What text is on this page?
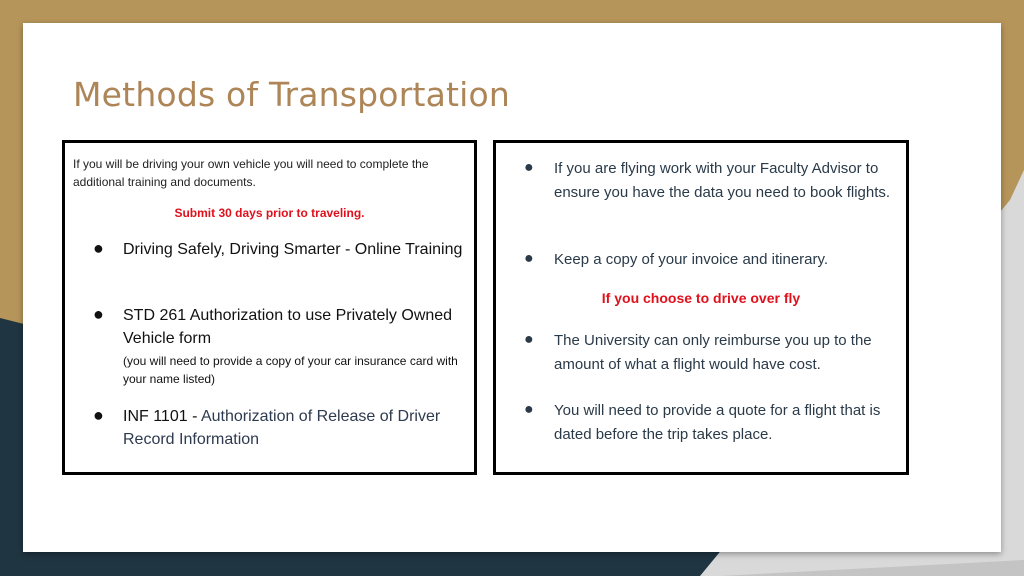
Methods of Transportation

If you will be driving your own vehicle you will need to complete the additional training and documents.

Submit 30 days prior to traveling.

● Driving Safely, Driving Smarter - Online Training
● STD 261 Authorization to use Privately Owned Vehicle form
(you will need to provide a copy of your car insurance card with your name listed)
● INF 1101 - Authorization of Release of Driver Record Information
● If you are flying work with your Faculty Advisor to ensure you have the data you need to book flights.
● Keep a copy of your invoice and itinerary.

If you choose to drive over fly

● The University can only reimburse you up to the amount of what a flight would have cost.
● You will need to provide a quote for a flight that is dated before the trip takes place.
